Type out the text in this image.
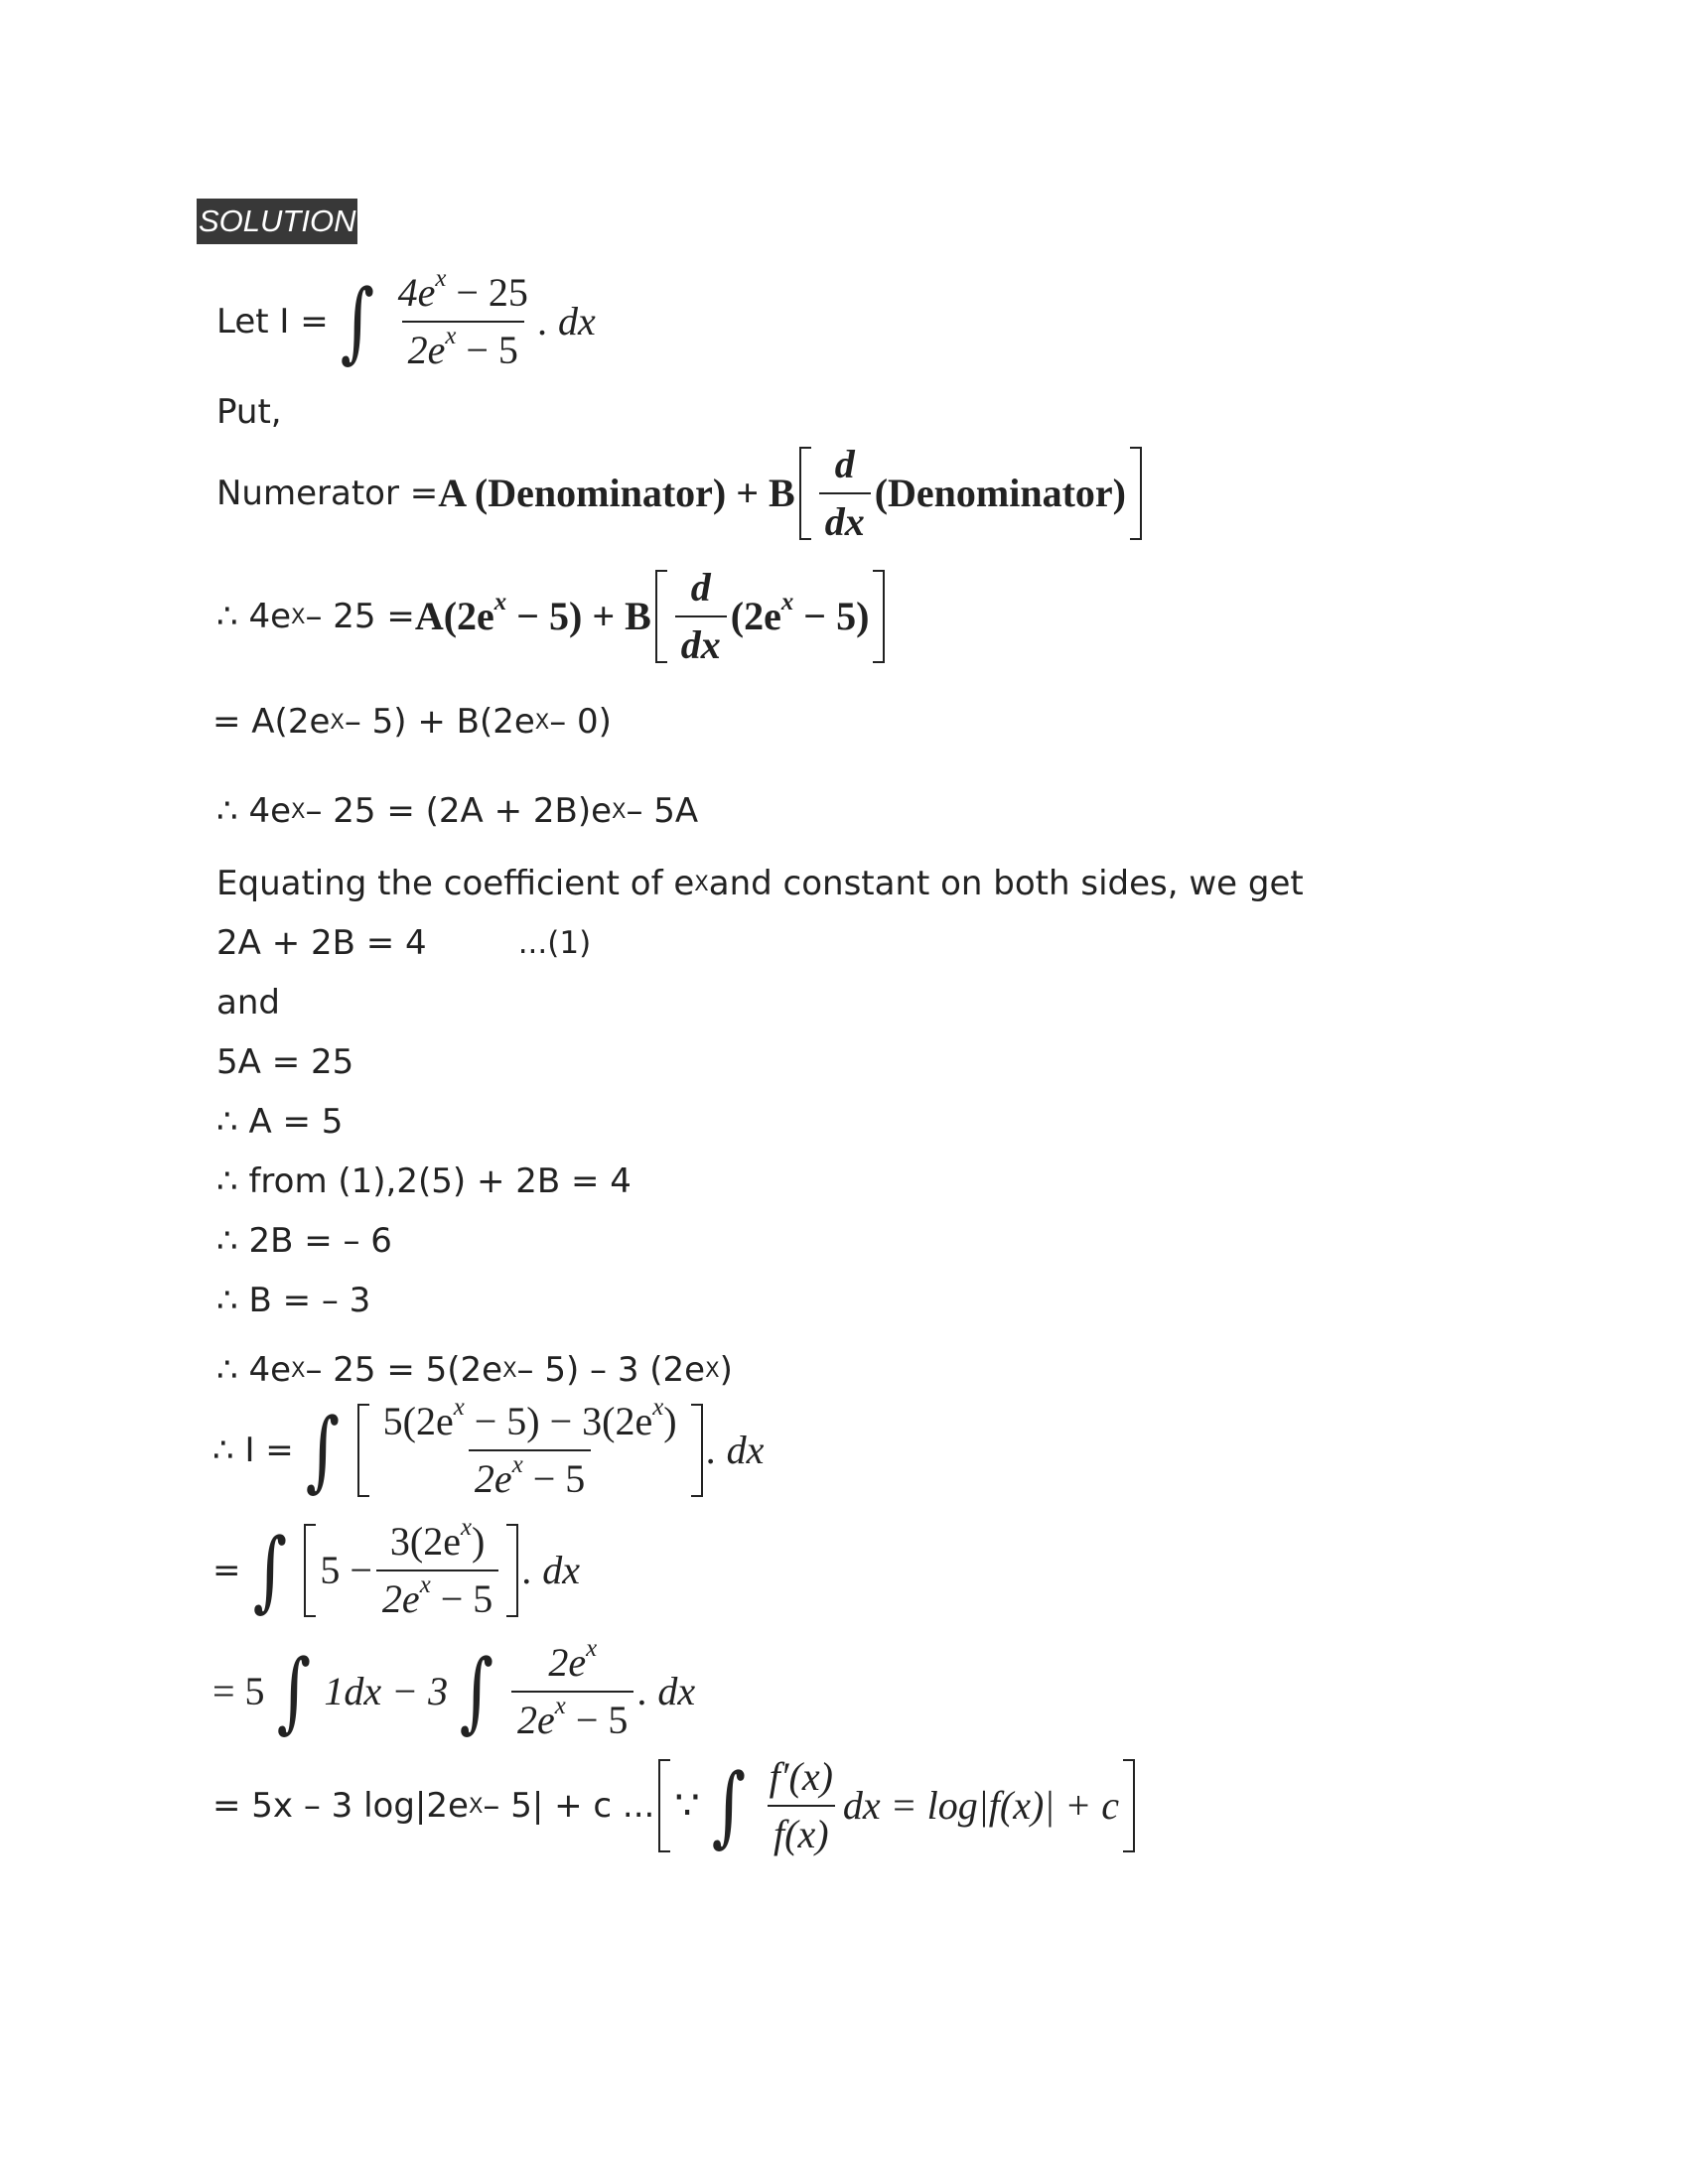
SOLUTION
Let I = ∫ $\frac{4e^x - 25}{2e^x - 5}$ . dx
Put,
Numerator = A (Denominator) + B $\frac{d}{dx}$ (Denominator)
∴ 4e $X - 25 = A(2e^x - 5) + B \frac{d}{dx} (2e^x - 5)$
= A(2e X – 5) + B(2e X – 0)
∴ 4e X – 25 = (2A + 2B)e X – 5A
Equating the coefficient of e X and constant on both sides, we get
2A + 2B = 4	...(1)
and
5A = 25
∴ A = 5
∴ from (1),2(5) + 2B = 4
∴ 2B = – 6
∴ B = – 3
∴ 4e X – 25 = 5(2e X – 5) – 3 (2e X )
∴ I = ∫ $\frac{5(2e^x - 5) - 3(2e^x)}{2e^x - 5}$ . dx
= ∫ $5 - \frac{3(2e^x)}{2e^x - 5}$ . dx
= 5 ∫ 1dx − 3 ∫ $\frac{2e^x}{2e^x - 5}$ . dx
= 5x – 3 log|2e X – 5| + c ... ∵ ∫ $\frac{f'(x)}{f(x)}$ dx = log|f(x)| + c
